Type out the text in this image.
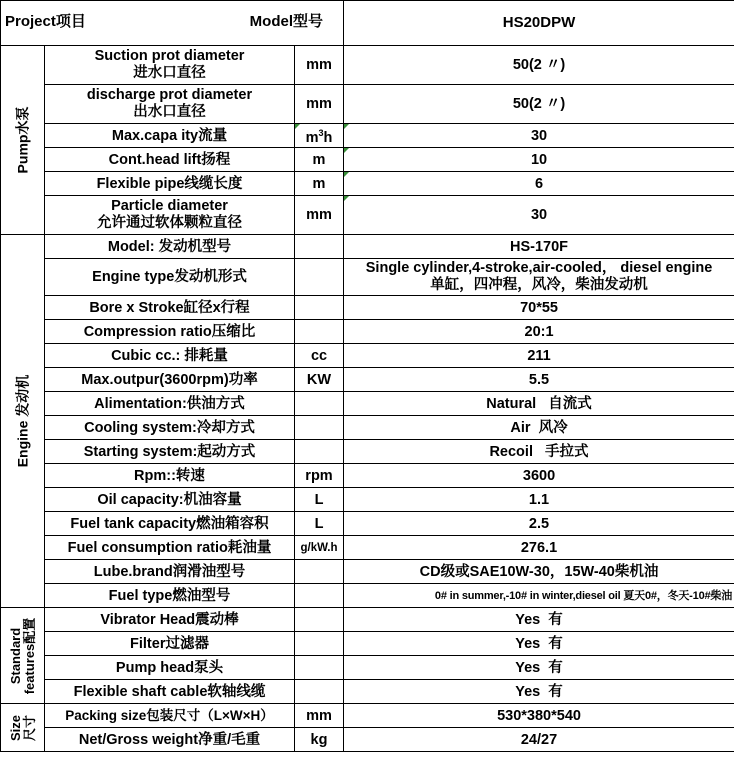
Project项目 Model型号			HS20DPW

Pump水泵	Suction prot diameter
进水口直径	mm	50(2 〃)
	discharge prot diameter
出水口直径	mm	50(2 〃)
	Max.capa ity流量	$m^3h$	30
	Cont.head lift扬程	m	10
	Flexible pipe线缆长度	m	6
	Particle diameter
允许通过软体颗粒直径	mm	30

Engine 发动机	Model: 发动机型号		HS-170F
	Engine type发动机形式		Single cylinder,4-stroke,air-cooled， diesel engine
单缸，四冲程，风冷，柴油发动机
	Bore x Stroke缸径x行程		70*55
	Compression ratio压缩比		20:1
	Cubic cc.: 排耗量	cc	211
	Max.outpur(3600rpm)功率	KW	5.5
	Alimentation:供油方式		Natural   自流式
	Cooling system:冷却方式		Air  风冷
	Starting system:起动方式		Recoil   手拉式
	Rpm::转速	rpm	3600
	Oil capacity:机油容量	L	1.1
	Fuel tank capacity燃油箱容积	L	2.5
	Fuel consumption ratio耗油量	g/kW.h	276.1
	Lube.brand润滑油型号		CD级或SAE10W-30，15W-40柴机油
	Fuel type燃油型号		0# in summer,-10# in winter,diesel oil 夏天0#，冬天-10#柴油

Standard
features配置	Vibrator Head震动棒		Yes  有
	Filter过滤器		Yes  有
	Pump head泵头		Yes  有
	Flexible shaft cable软轴线缆		Yes  有

Size
尺寸	Packing size包装尺寸（L×W×H）	mm	530*380*540
	Net/Gross weight净重/毛重	kg	24/27
